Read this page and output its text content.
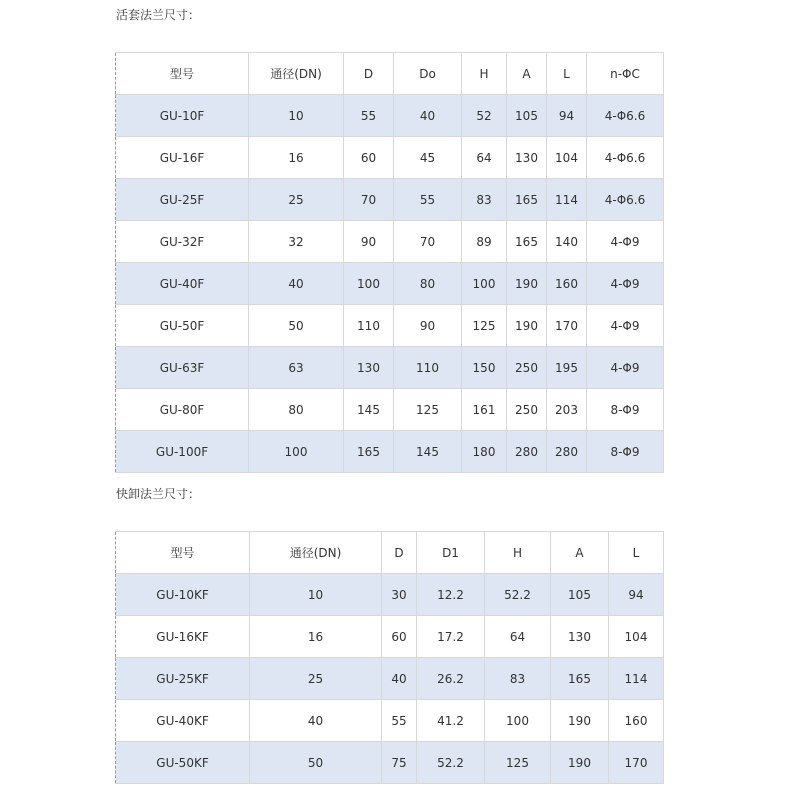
活套法兰尺寸：
型号	通径(DN)	D	Do	H	A	L	n-ΦC
GU-10F	10	55	40	52	105	94	4-Φ6.6
GU-16F	16	60	45	64	130	104	4-Φ6.6
GU-25F	25	70	55	83	165	114	4-Φ6.6
GU-32F	32	90	70	89	165	140	4-Φ9
GU-40F	40	100	80	100	190	160	4-Φ9
GU-50F	50	110	90	125	190	170	4-Φ9
GU-63F	63	130	110	150	250	195	4-Φ9
GU-80F	80	145	125	161	250	203	8-Φ9
GU-100F	100	165	145	180	280	280	8-Φ9
快卸法兰尺寸：
型号	通径(DN)	D	D1	H	A	L
GU-10KF	10	30	12.2	52.2	105	94
GU-16KF	16	60	17.2	64	130	104
GU-25KF	25	40	26.2	83	165	114
GU-40KF	40	55	41.2	100	190	160
GU-50KF	50	75	52.2	125	190	170
